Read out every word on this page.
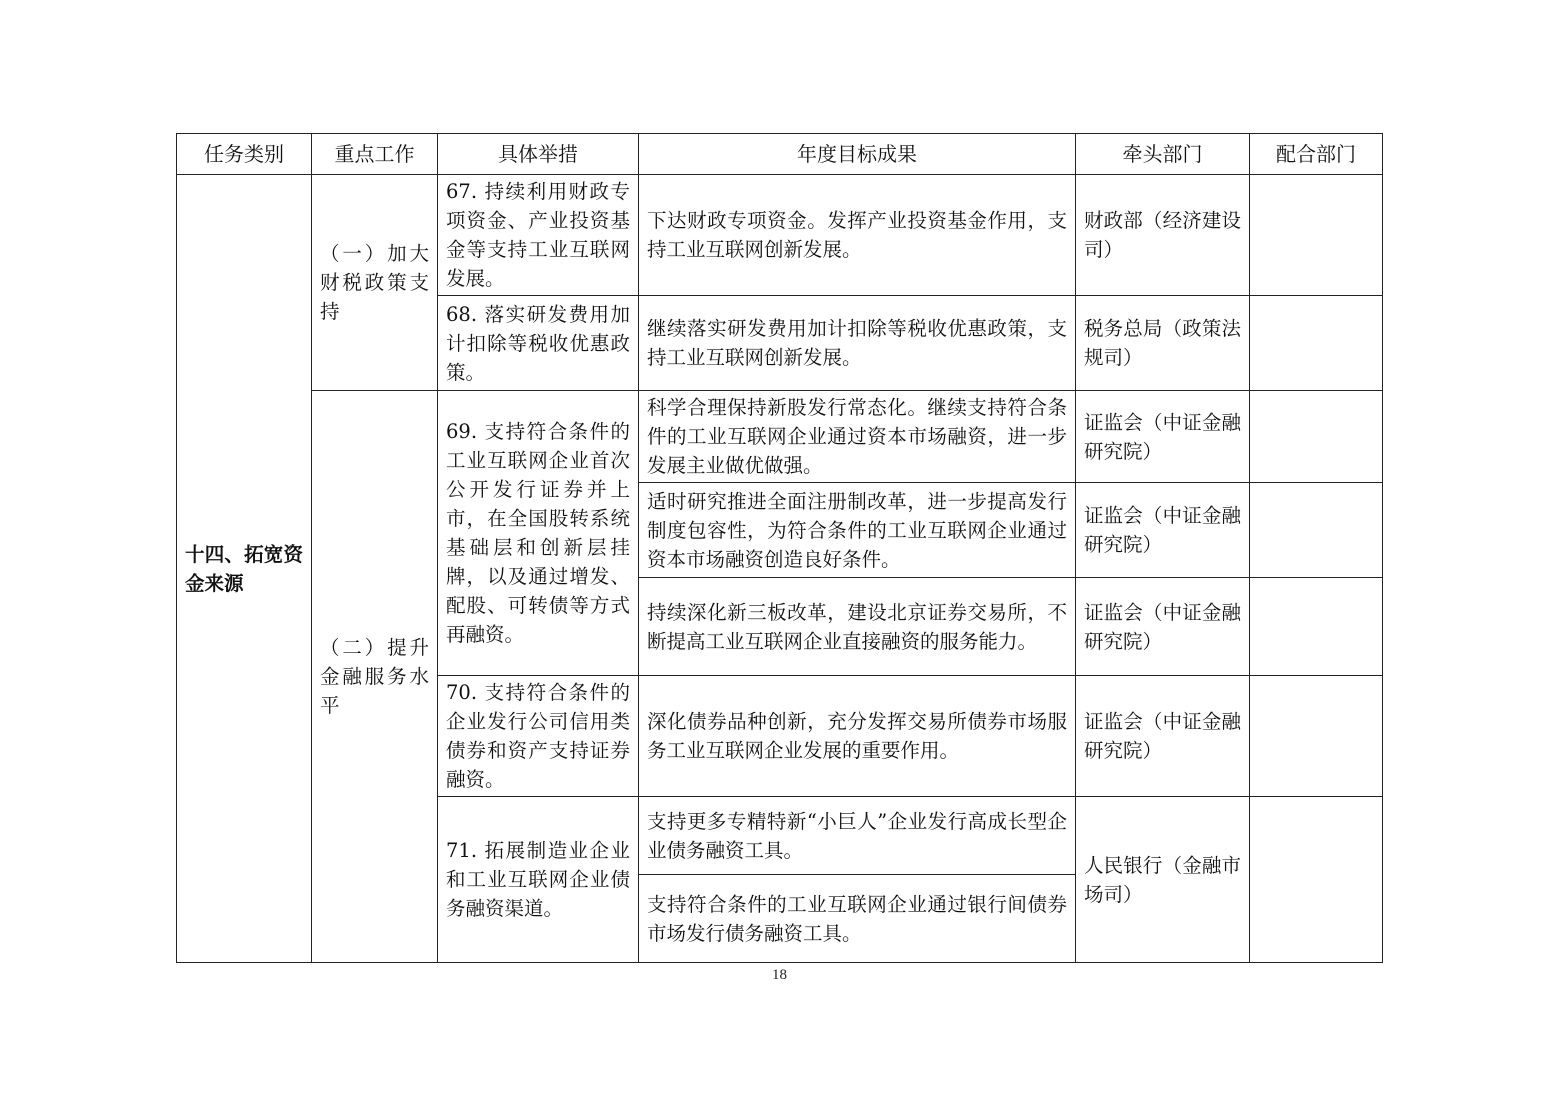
任务类别	重点工作	具体举措	年度目标成果	牵头部门	配合部门
十四、拓宽资金来源	（一）加大财税政策支持	67. 持续利用财政专项资金、产业投资基金等支持工业互联网发展。	下达财政专项资金。发挥产业投资基金作用，支持工业互联网创新发展。	财政部（经济建设司）	
		68. 落实研发费用加计扣除等税收优惠政策。	继续落实研发费用加计扣除等税收优惠政策，支持工业互联网创新发展。	税务总局（政策法规司）	
	（二）提升金融服务水平	69. 支持符合条件的工业互联网企业首次公开发行证券并上市，在全国股转系统基础层和创新层挂牌，以及通过增发、配股、可转债等方式再融资。	科学合理保持新股发行常态化。继续支持符合条件的工业互联网企业通过资本市场融资，进一步发展主业做优做强。	证监会（中证金融研究院）	
			适时研究推进全面注册制改革，进一步提高发行制度包容性，为符合条件的工业互联网企业通过资本市场融资创造良好条件。	证监会（中证金融研究院）	
			持续深化新三板改革，建设北京证券交易所，不断提高工业互联网企业直接融资的服务能力。	证监会（中证金融研究院）	
		70. 支持符合条件的企业发行公司信用类债券和资产支持证券融资。	深化债券品种创新，充分发挥交易所债券市场服务工业互联网企业发展的重要作用。	证监会（中证金融研究院）	
		71. 拓展制造业企业和工业互联网企业债务融资渠道。	支持更多专精特新“小巨人”企业发行高成长型企业债务融资工具。	人民银行（金融市场司）	
			支持符合条件的工业互联网企业通过银行间债券市场发行债务融资工具。		
18
